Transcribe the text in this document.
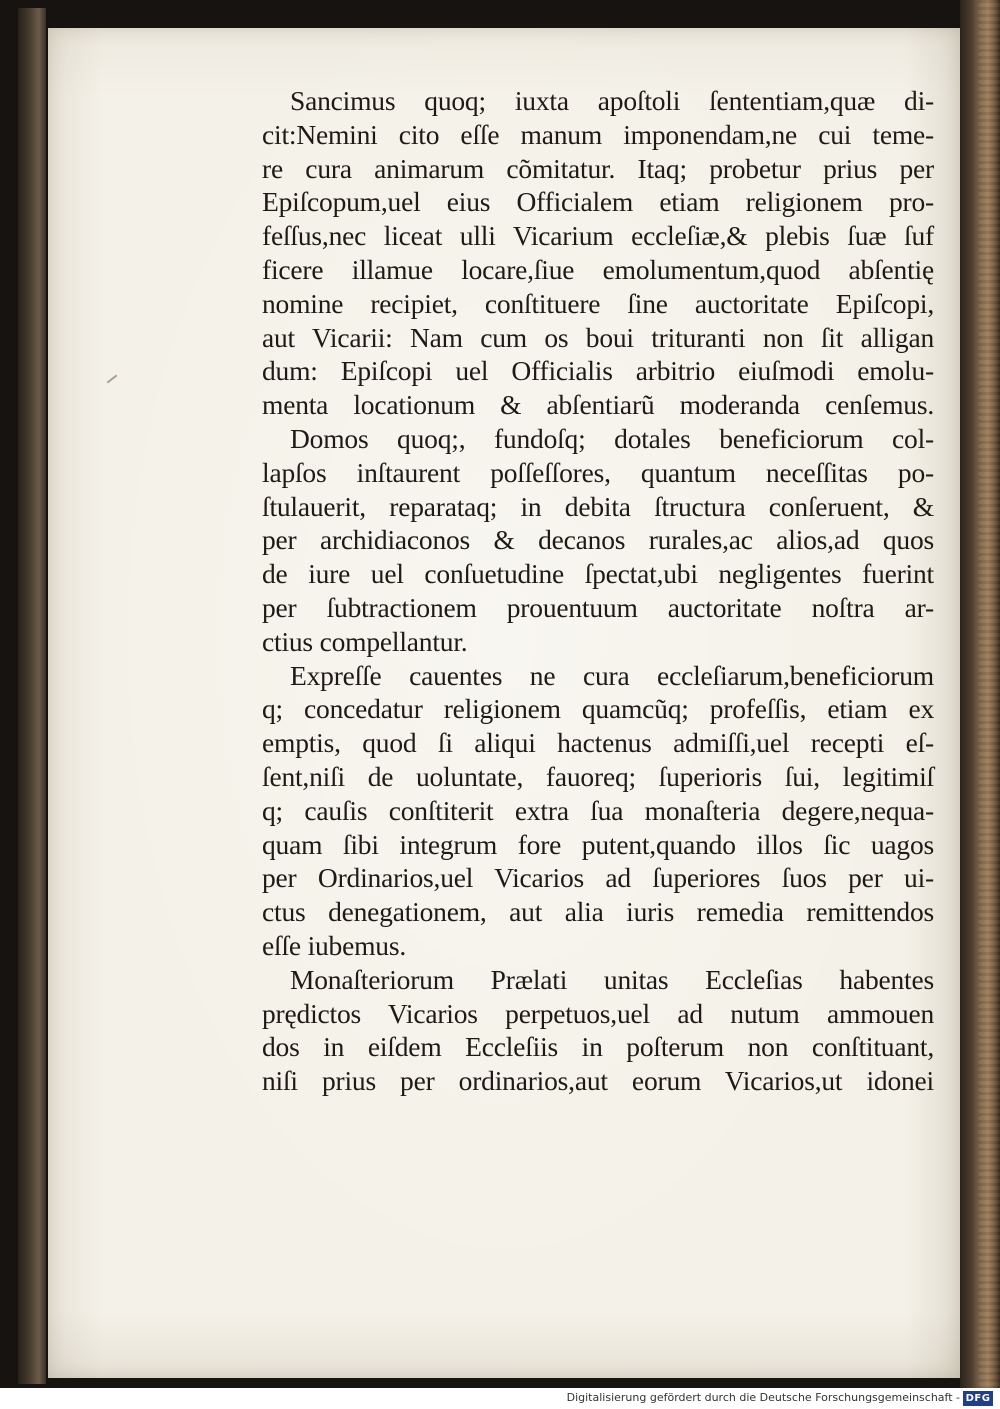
Sancimus quoq; iuxta apoſtoli ſententiam,quæ di-
cit:Nemini cito eſſe manum imponendam,ne cui teme-
re cura animarum cõmitatur. Itaq; probetur prius per
Epiſcopum,uel eius Officialem etiam religionem pro-
feſſus,nec liceat ulli Vicarium eccleſiæ,& plebis ſuæ ſuf
ficere illamue locare,ſiue emolumentum,quod abſentię
nomine recipiet, conſtituere ſine auctoritate Epiſcopi,
aut Vicarii: Nam cum os boui trituranti non ſit alligan
dum: Epiſcopi uel Officialis arbitrio eiuſmodi emolu-
menta locationum & abſentiarũ moderanda cenſemus.
Domos quoq;, fundoſq; dotales beneficiorum col-
lapſos inſtaurent poſſeſſores, quantum neceſſitas po-
ſtulauerit, reparataq; in debita ſtructura conſeruent, &
per archidiaconos & decanos rurales,ac alios,ad quos
de iure uel conſuetudine ſpectat,ubi negligentes fuerint
per ſubtractionem prouentuum auctoritate noſtra ar-
ctius compellantur.
Expreſſe cauentes ne cura eccleſiarum,beneficiorum
q; concedatur religionem quamcũq; profeſſis, etiam ex
emptis, quod ſi aliqui hactenus admiſſi,uel recepti eſ-
ſent,niſi de uoluntate, fauoreq; ſuperioris ſui, legitimiſ
q; cauſis conſtiterit extra ſua monaſteria degere,nequa-
quam ſibi integrum fore putent,quando illos ſic uagos
per Ordinarios,uel Vicarios ad ſuperiores ſuos per ui-
ctus denegationem, aut alia iuris remedia remittendos
eſſe iubemus.
Monaſteriorum Prælati unitas Eccleſias habentes
prędictos Vicarios perpetuos,uel ad nutum ammouen
dos in eiſdem Eccleſiis in poſterum non conſtituant,
niſi prius per ordinarios,aut eorum Vicarios,ut idonei
Digitalisierung gefördert durch die Deutsche Forschungsgemeinschaft - DFG
